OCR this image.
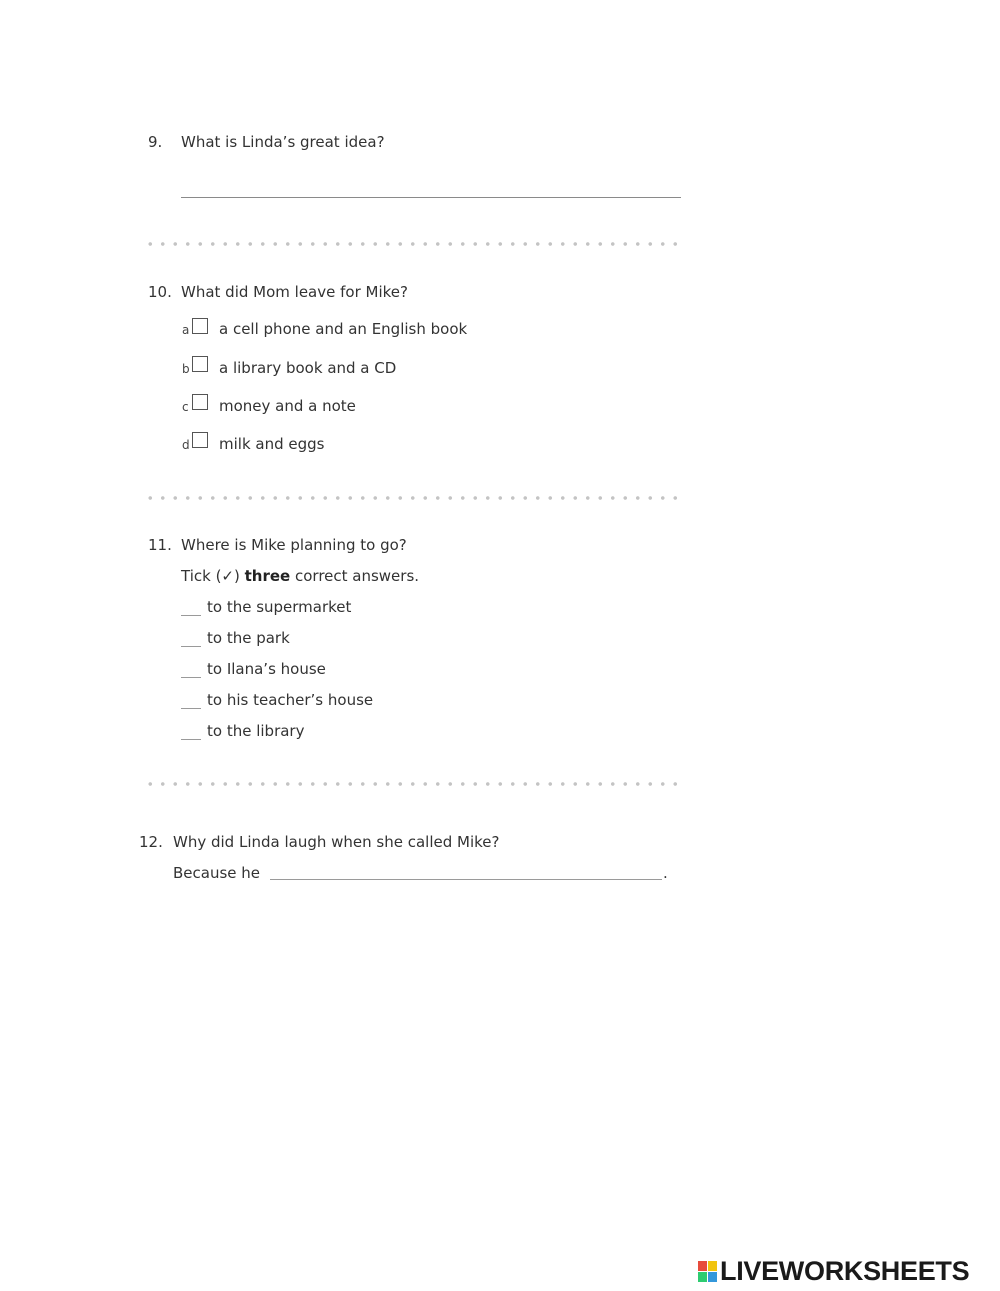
9. What is Linda’s great idea?
10. What did Mom leave for Mike?
a a cell phone and an English book
b a library book and a CD
c money and a note
d milk and eggs
11. Where is Mike planning to go?
Tick (✓) three correct answers.
to the supermarket
to the park
to Ilana’s house
to his teacher’s house
to the library
12. Why did Linda laugh when she called Mike?
Because he	.
LIVEWORKSHEETS
